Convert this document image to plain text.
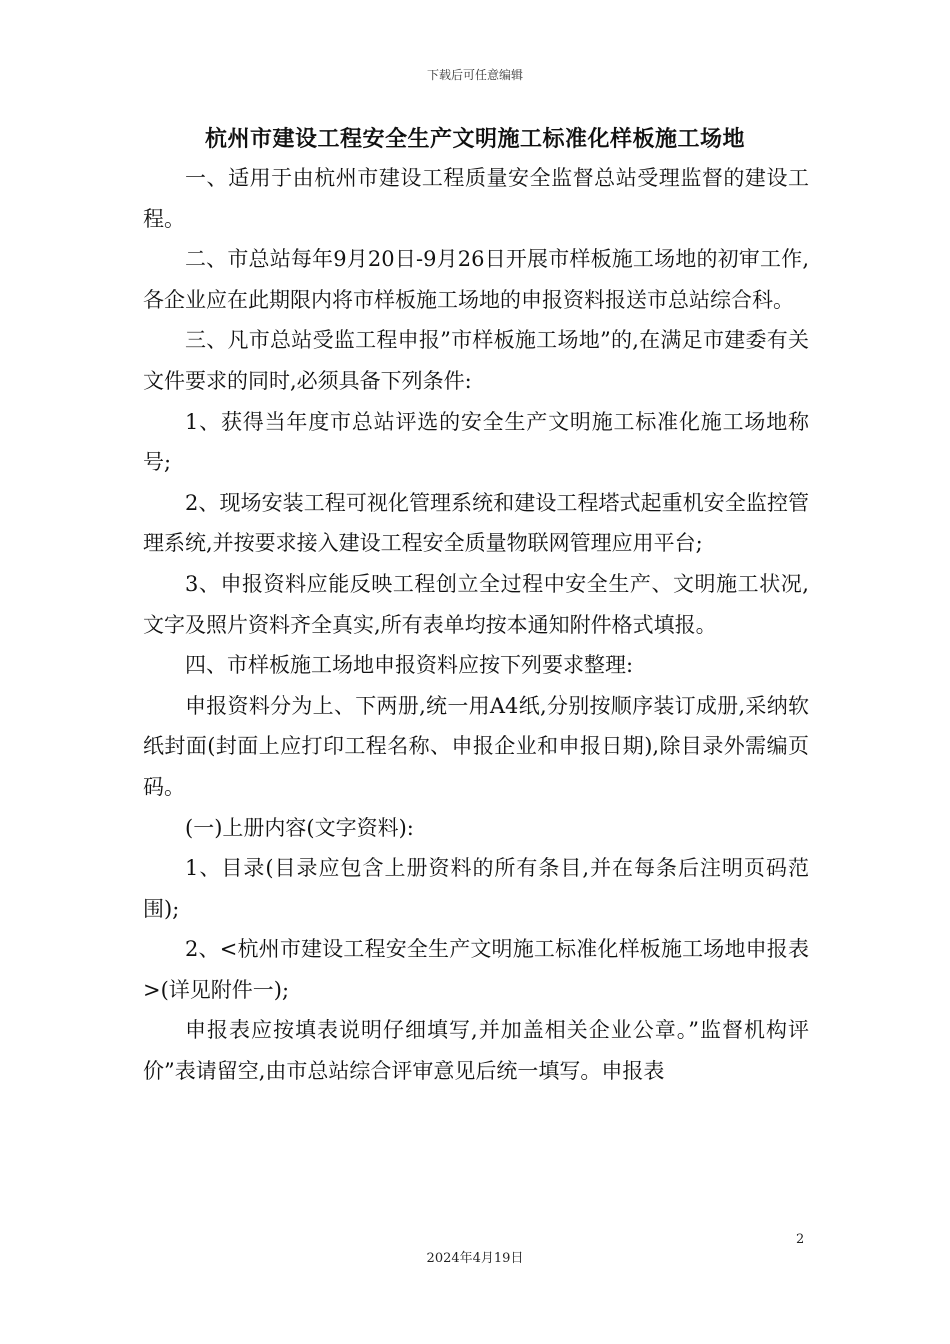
下载后可任意编辑
杭州市建设工程安全生产文明施工标准化样板施工场地

一、适用于由杭州市建设工程质量安全监督总站受理监督的建设工程。

二、市总站每年9月20日-9月26日开展市样板施工场地的初审工作,各企业应在此期限内将市样板施工场地的申报资料报送市总站综合科。

三、凡市总站受监工程申报”市样板施工场地”的,在满足市建委有关文件要求的同时,必须具备下列条件:

1、获得当年度市总站评选的安全生产文明施工标准化施工场地称号;

2、现场安装工程可视化管理系统和建设工程塔式起重机安全监控管理系统,并按要求接入建设工程安全质量物联网管理应用平台;

3、申报资料应能反映工程创立全过程中安全生产、文明施工状况,文字及照片资料齐全真实,所有表单均按本通知附件格式填报。

四、市样板施工场地申报资料应按下列要求整理:

申报资料分为上、下两册,统一用A4纸,分别按顺序装订成册,采纳软纸封面(封面上应打印工程名称、申报企业和申报日期),除目录外需编页码。

(一)上册内容(文字资料):

1、目录(目录应包含上册资料的所有条目,并在每条后注明页码范围);

2、<杭州市建设工程安全生产文明施工标准化样板施工场地申报表>(详见附件一);

申报表应按填表说明仔细填写,并加盖相关企业公章。”监督机构评价”表请留空,由市总站综合评审意见后统一填写。申报表

2
2024年4月19日
